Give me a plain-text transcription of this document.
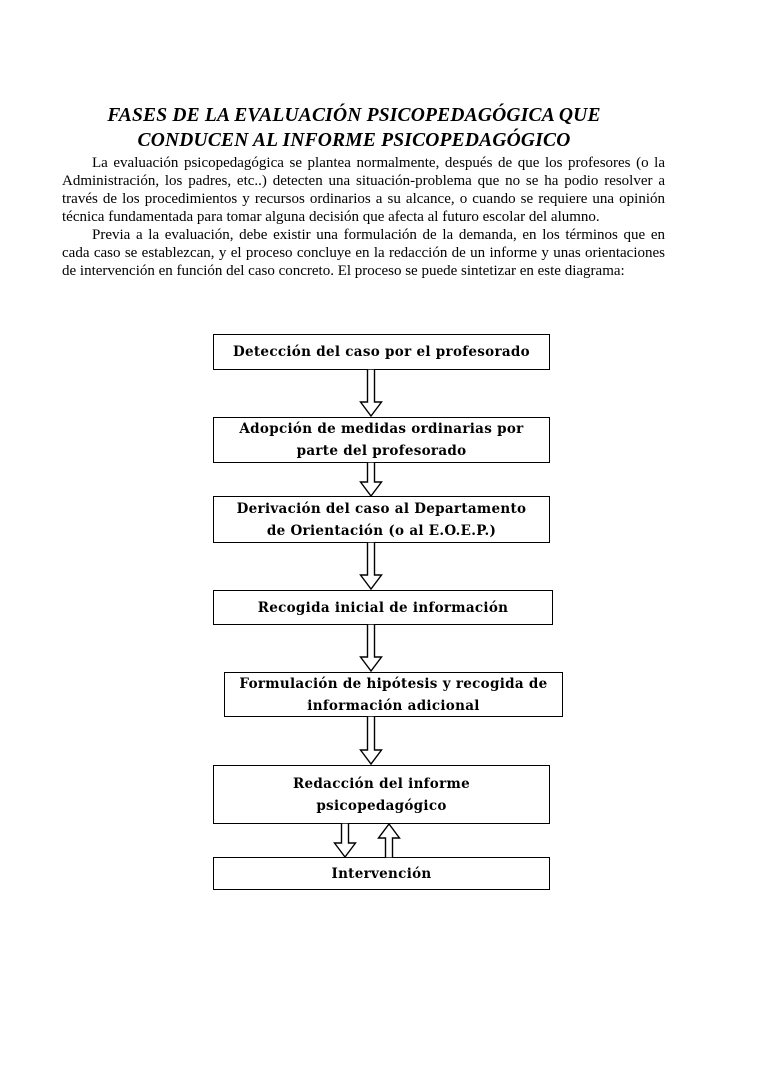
FASES DE LA EVALUACIÓN PSICOPEDAGÓGICA QUE
CONDUCEN AL INFORME PSICOPEDAGÓGICO

La evaluación psicopedagógica se plantea normalmente, después de que los profesores (o la Administración, los padres, etc..) detecten una situación-problema que no se ha podio resolver a través de los procedimientos y recursos ordinarios a su alcance, o cuando se requiere una opinión técnica fundamentada para tomar alguna decisión que afecta al futuro escolar del alumno.

Previa a la evaluación, debe existir una formulación de la demanda, en los términos que en cada caso se establezcan, y el proceso concluye en la redacción de un informe y unas orientaciones de intervención en función del caso concreto. El proceso se puede sintetizar en este diagrama:

Detección del caso por el profesorado
Adopción de medidas ordinarias por parte del profesorado
Derivación del caso al Departamento de Orientación (o al E.O.E.P.)
Recogida inicial de información
Formulación de hipótesis y recogida de información adicional
Redacción del informe psicopedagógico
Intervención
